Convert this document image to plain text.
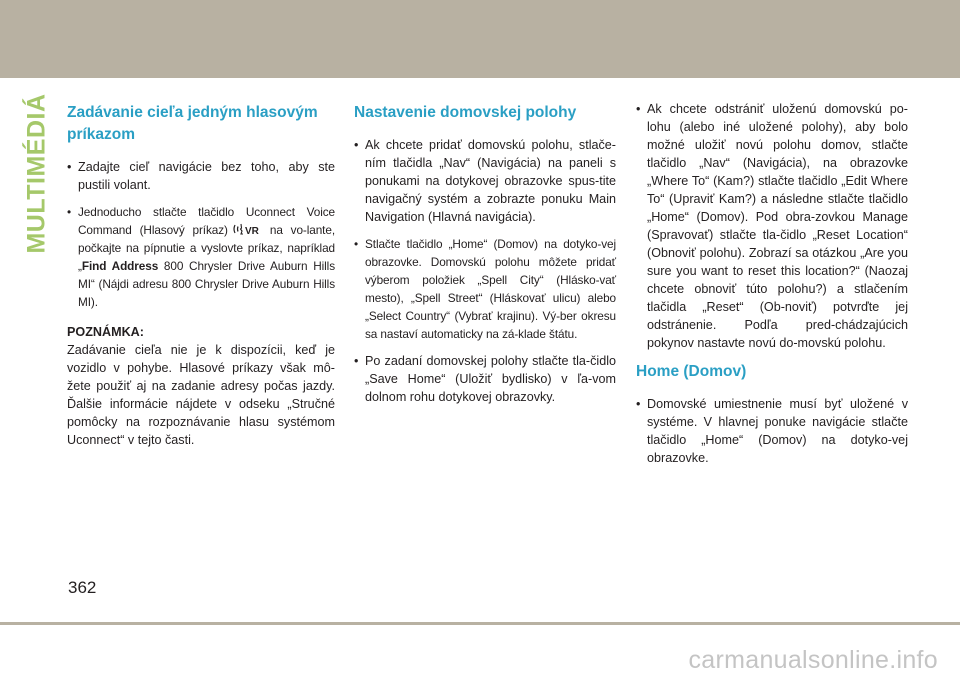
MULTIMÉDIÁ Zadávanie cieľa jedným hlasovým príkazom
• Zadajte cieľ navigácie bez toho, aby ste pustili volant.
• Jednoducho stlačte tlačidlo Uconnect Voice Command (Hlasový príkaz) VR na vo-lante, počkajte na pípnutie a vyslovte príkaz, napríklad „Find Address 800 Chrysler Drive Auburn Hills MI“ (Nájdi adresu 800 Chrysler Drive Auburn Hills MI).
POZNÁMKA:
Zadávanie cieľa nie je k dispozícii, keď je vozidlo v pohybe. Hlasové príkazy však mô-žete použiť aj na zadanie adresy počas jazdy. Ďalšie informácie nájdete v odseku „Stručné pomôcky na rozpoznávanie hlasu systémom Uconnect“ v tejto časti.
Nastavenie domovskej polohy
• Ak chcete pridať domovskú polohu, stlače-ním tlačidla „Nav“ (Navigácia) na paneli s ponukami na dotykovej obrazovke spus-tite navigačný systém a zobrazte ponuku Main Navigation (Hlavná navigácia).
• Stlačte tlačidlo „Home“ (Domov) na dotyko-vej obrazovke. Domovskú polohu môžete pridať výberom položiek „Spell City“ (Hlásko-vať mesto), „Spell Street“ (Hláskovať ulicu) alebo „Select Country“ (Vybrať krajinu). Vý-ber okresu sa nastaví automaticky na zá-klade štátu.
• Po zadaní domovskej polohy stlačte tla-čidlo „Save Home“ (Uložiť bydlisko) v ľa-vom dolnom rohu dotykovej obrazovky.
• Ak chcete odstrániť uloženú domovskú po-lohu (alebo iné uložené polohy), aby bolo možné uložiť novú polohu domov, stlačte tlačidlo „Nav“ (Navigácia), na obrazovke „Where To“ (Kam?) stlačte tlačidlo „Edit Where To“ (Upraviť Kam?) a následne stlačte tlačidlo „Home“ (Domov). Pod obra-zovkou Manage (Spravovať) stlačte tla-čidlo „Reset Location“ (Obnoviť polohu). Zobrazí sa otázkou „Are you sure you want to reset this location?“ (Naozaj chcete obnoviť túto polohu?) a stlačením tlačidla „Reset“ (Ob-noviť) potvrďte jej odstránenie. Podľa pred-chádzajúcich pokynov nastavte novú do-movskú polohu.
Home (Domov)
• Domovské umiestnenie musí byť uložené v systéme. V hlavnej ponuke navigácie stlačte tlačidlo „Home“ (Domov) na dotyko-vej obrazovke.
362
carmanualsonline.info
